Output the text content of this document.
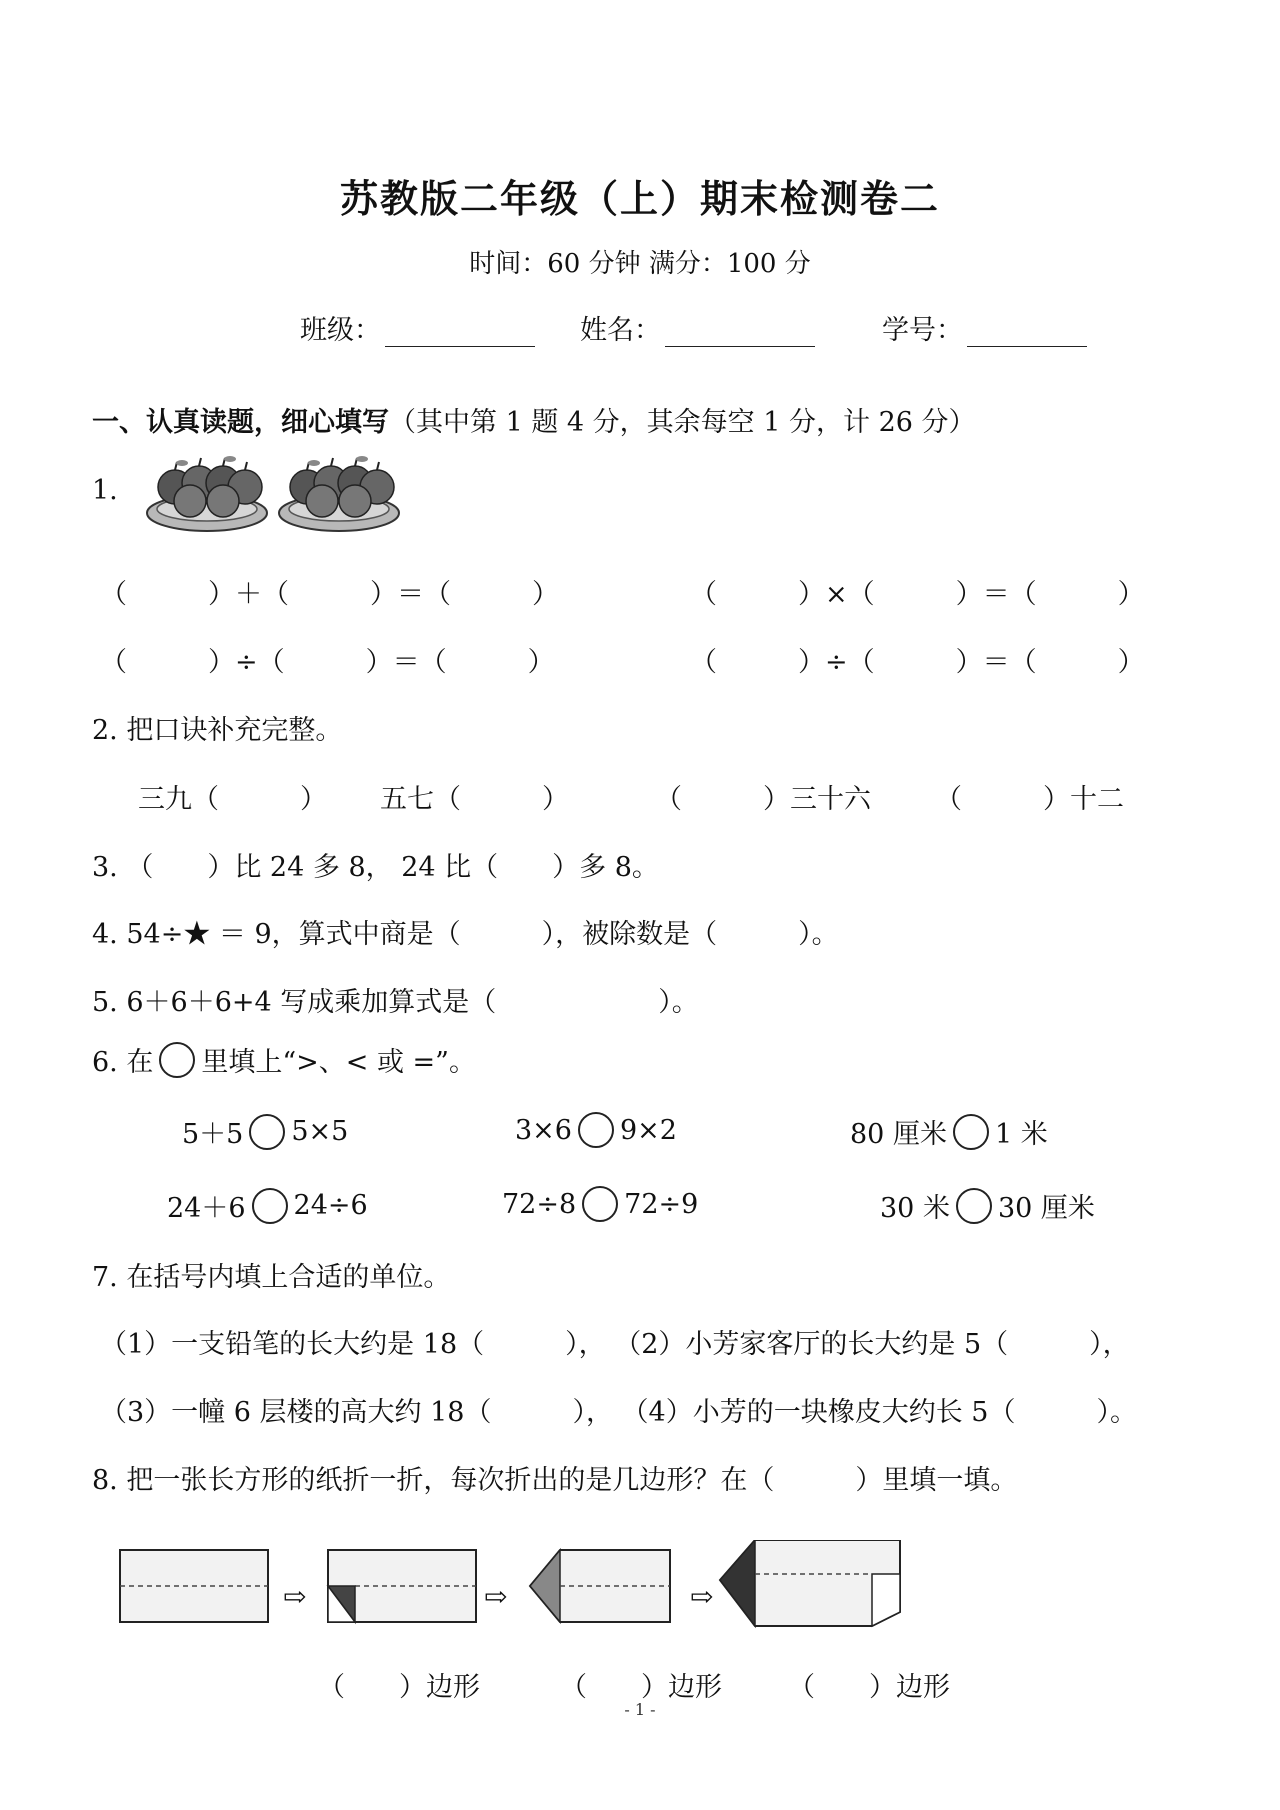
苏教版二年级（上）期末检测卷二
时间：60 分钟 满分：100 分
班级：	姓名：	学号：
一、认真读题，细心填写（其中第 1 题 4 分，其余每空 1 分，计 26 分）
1.
（　　　）＋（　　　）＝（　　　）	（　　　）×（　　　）＝（　　　）
（　　　）÷（　　　）＝（　　　）	（　　　）÷（　　　）＝（　　　）
2. 把口诀补充完整。
三九（　　　） 五七（　　　）	（　　　）三十六 （　　　）十二
3. （　　）比 24 多 8， 24 比（　　）多 8。
4. 54÷★ ＝ 9，算式中商是（　　　），被除数是（　　　）。
5. 6＋6＋6+4 写成乘加算式是（　　　　　　）。
6. 在 里填上“>、< 或 =”。
5＋5 5×5	3×6 9×2	80 厘米 1 米
24＋6 24÷6	72÷8 72÷9	30 米 30 厘米
7. 在括号内填上合适的单位。
（1）一支铅笔的长大约是 18（　　　）， （2）小芳家客厅的长大约是 5（　　　），
（3）一幢 6 层楼的高大约 18（　　　）， （4）小芳的一块橡皮大约长 5（　　　）。
8. 把一张长方形的纸折一折，每次折出的是几边形？在（　　　）里填一填。
⇨	⇨	⇨
（　　）边形	（　　）边形 （　　）边形
- 1 -
